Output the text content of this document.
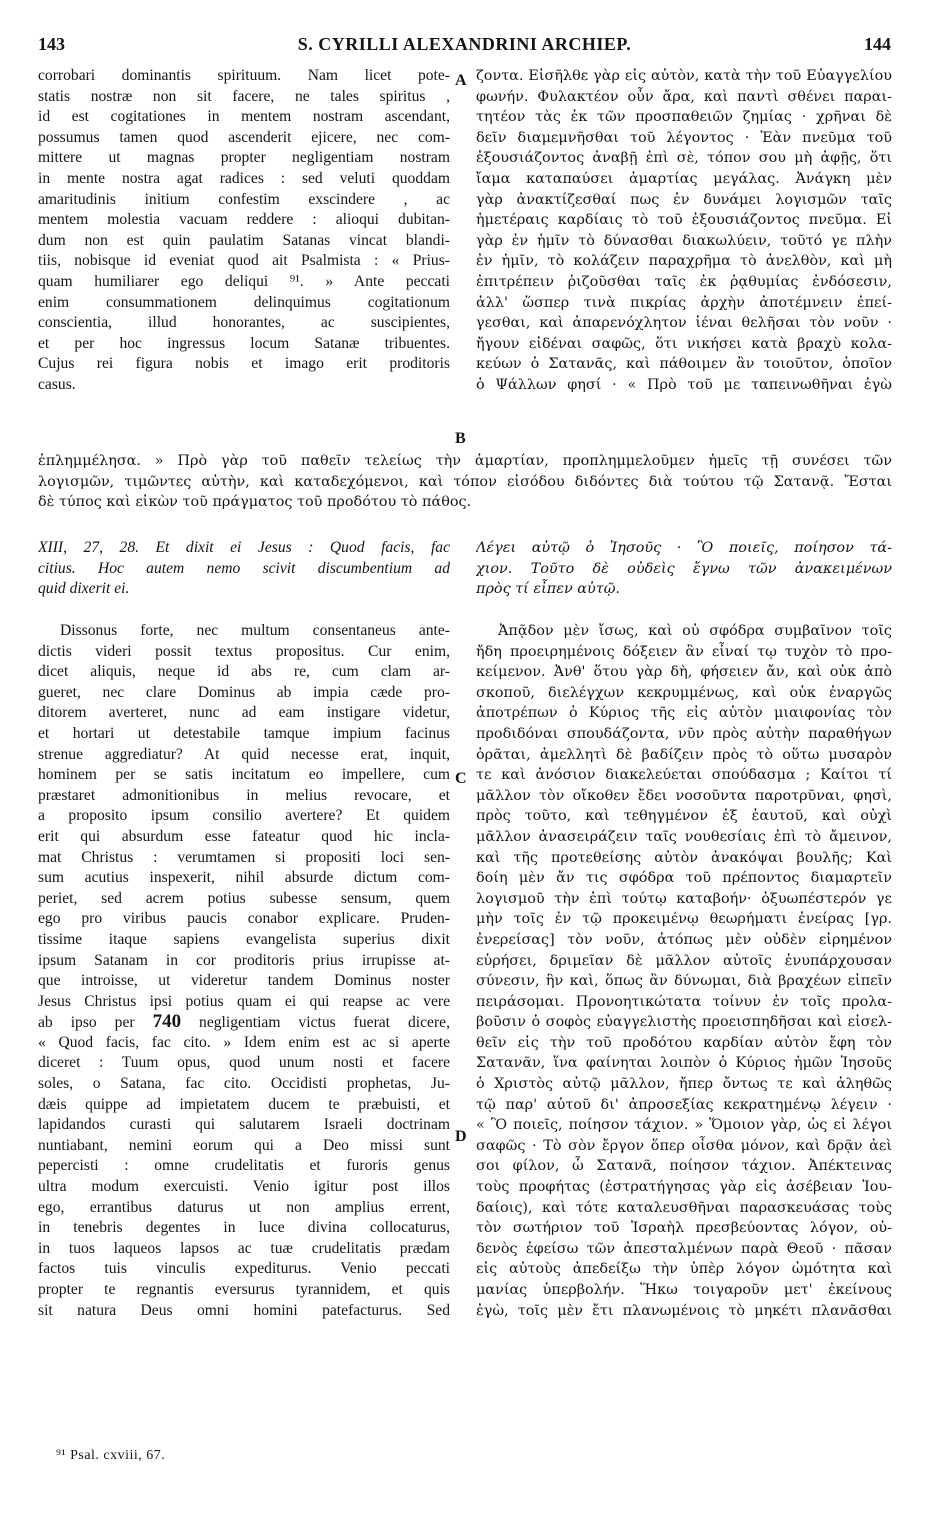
143	S. CYRILLI ALEXANDRINI ARCHIEP.	144
A
B
C
D
corrobari dominantis spirituum. Nam licet pote-
statis nostræ non sit facere, ne tales spiritus ,
id est cogitationes in mentem nostram ascendant,
possumus tamen quod ascenderit ejicere, nec com-
mittere ut magnas propter negligentiam nostram
in mente nostra agat radices : sed veluti quoddam
amaritudinis initium confestim exscindere , ac
mentem molestia vacuam reddere : alioqui dubitan-
dum non est quin paulatim Satanas vincat blandi-
tiis, nobisque id eveniat quod ait Psalmista : « Prius-
quam humiliarer ego deliqui ⁹¹. » Ante peccati
enim consummationem delinquimus cogitationum
conscientia, illud honorantes, ac suscipientes,
et per hoc ingressus locum Satanæ tribuentes.
Cujus rei figura nobis et imago erit proditoris
casus.
ζοντα. Εἰσῆλθε γὰρ εἰς αὐτὸν, κατὰ τὴν τοῦ Εὐαγγελίου
φωνήν. Φυλακτέον οὖν ἄρα, καὶ παντὶ σθένει παραι-
τητέον τὰς ἐκ τῶν προσπαθειῶν ζημίας · χρῆναι δὲ
δεῖν διαμεμνῆσθαι τοῦ λέγοντος · Ἐὰν πνεῦμα τοῦ
ἐξουσιάζοντος ἀναβῇ ἐπὶ σὲ, τόπον σου μὴ ἀφῇς, ὅτι
ἴαμα καταπαύσει ἁμαρτίας μεγάλας. Ἀνάγκη μὲν
γὰρ ἀνακτίζεσθαί πως ἐν δυνάμει λογισμῶν ταῖς
ἡμετέραις καρδίαις τὸ τοῦ ἐξουσιάζοντος πνεῦμα. Εἰ
γὰρ ἐν ἡμῖν τὸ δύνασθαι διακωλύειν, τοῦτό γε πλὴν
ἐν ἡμῖν, τὸ κολάζειν παραχρῆμα τὸ ἀνελθὸν, καὶ μὴ
ἐπιτρέπειν ῥιζοῦσθαι ταῖς ἐκ ῥᾳθυμίας ἐνδόσεσιν,
ἀλλ' ὥσπερ τινὰ πικρίας ἀρχὴν ἀποτέμνειν ἐπεί-
γεσθαι, καὶ ἀπαρενόχλητον ἱέναι θελῆσαι τὸν νοῦν ·
ἤγουν εἰδέναι σαφῶς, ὅτι νικήσει κατὰ βραχὺ κολα-
κεύων ὁ Σατανᾶς, καὶ πάθοιμεν ἂν τοιοῦτον, ὁποῖον
ὁ Ψάλλων φησί · « Πρὸ τοῦ με ταπεινωθῆναι ἐγὼ
ἐπλημμέλησα. » Πρὸ γὰρ τοῦ παθεῖν τελείως τὴν ἁμαρτίαν, προπλημμελοῦμεν ἡμεῖς τῇ συνέσει τῶν
λογισμῶν, τιμῶντες αὐτὴν, καὶ καταδεχόμενοι, καὶ τόπον εἰσόδου διδόντες διὰ τούτου τῷ Σατανᾷ. Ἔσται
δὲ τύπος καὶ εἰκὼν τοῦ πράγματος τοῦ προδότου τὸ πάθος.
XIII, 27, 28. Et dixit ei Jesus : Quod facis, fac
citius. Hoc autem nemo scivit discumbentium ad
quid dixerit ei.
Λέγει αὐτῷ ὁ Ἰησοῦς · Ὃ ποιεῖς, ποίησον τά-
χιον. Τοῦτο δὲ οὐδεὶς ἔγνω τῶν ἀνακειμένων
πρὸς τί εἶπεν αὐτῷ.
Dissonus forte, nec multum consentaneus ante-
dictis videri possit textus propositus. Cur enim,
dicet aliquis, neque id abs re, cum clam ar-
gueret, nec clare Dominus ab impia cæde pro-
ditorem averteret, nunc ad eam instigare videtur,
et hortari ut detestabile tamque impium facinus
strenue aggrediatur? At quid necesse erat, inquit,
hominem per se satis incitatum eo impellere, cum
præstaret admonitionibus in melius revocare, et
a proposito ipsum consilio avertere? Et quidem
erit qui absurdum esse fateatur quod hic incla-
mat Christus : verumtamen si propositi loci sen-
sum acutius inspexerit, nihil absurde dictum com-
periet, sed acrem potius subesse sensum, quem
ego pro viribus paucis conabor explicare. Pruden-
tissime itaque sapiens evangelista superius dixit
ipsum Satanam in cor proditoris prius irrupisse at-
que introisse, ut videretur tandem Dominus noster
Jesus Christus ipsi potius quam ei qui reapse ac vere
ab ipso per 740 negligentiam victus fuerat dicere,
« Quod facis, fac cito. » Idem enim est ac si aperte
diceret : Tuum opus, quod unum nosti et facere
soles, o Satana, fac cito. Occidisti prophetas, Ju-
dæis quippe ad impietatem ducem te præbuisti, et
lapidandos curasti qui salutarem Israeli doctrinam
nuntiabant, nemini eorum qui a Deo missi sunt
pepercisti : omne crudelitatis et furoris genus
ultra modum exercuisti. Venio igitur post illos
ego, errantibus daturus ut non amplius errent,
in tenebris degentes in luce divina collocaturus,
in tuos laqueos lapsos ac tuæ crudelitatis prædam
factos tuis vinculis expediturus. Venio peccati
propter te regnantis eversurus tyrannidem, et quis
sit natura Deus omni homini patefacturus. Sed
Ἀπᾷδον μὲν ἴσως, καὶ οὐ σφόδρα συμβαῖνον τοῖς
ἤδη προειρημένοις δόξειεν ἂν εἶναί τῳ τυχὸν τὸ προ-
κείμενον. Ἀνθ' ὅτου γὰρ δὴ, φήσειεν ἄν, καὶ οὐκ ἀπὸ
σκοποῦ, διελέγχων κεκρυμμένως, καὶ οὐκ ἐναργῶς
ἀποτρέπων ὁ Κύριος τῆς εἰς αὐτὸν μιαιφονίας τὸν
προδιδόναι σπουδάζοντα, νῦν πρὸς αὐτὴν παραθήγων
ὁρᾶται, ἀμελλητὶ δὲ βαδίζειν πρὸς τὸ οὕτω μυσαρὸν
τε καὶ ἀνόσιον διακελεύεται σπούδασμα ; Καίτοι τί
μᾶλλον τὸν οἴκοθεν ἔδει νοσοῦντα παροτρῦναι, φησὶ,
πρὸς τοῦτο, καὶ τεθηγμένον ἐξ ἑαυτοῦ, καὶ οὐχὶ
μᾶλλον ἀνασειράζειν ταῖς νουθεσίαις ἐπὶ τὸ ἄμεινον,
καὶ τῆς προτεθείσης αὐτὸν ἀνακόψαι βουλῆς; Καὶ
δοίη μὲν ἄν τις σφόδρα τοῦ πρέποντος διαμαρτεῖν
λογισμοῦ τὴν ἐπὶ τούτῳ καταβοήν· ὀξυωπέστερόν γε
μὴν τοῖς ἐν τῷ προκειμένῳ θεωρήματι ἐνείρας [γρ.
ἐνερείσας] τὸν νοῦν, ἀτόπως μὲν οὐδὲν εἰρημένον
εὑρήσει, δριμεῖαν δὲ μᾶλλον αὐτοῖς ἐνυπάρχουσαν
σύνεσιν, ἣν καὶ, ὅπως ἂν δύνωμαι, διὰ βραχέων εἰπεῖν
πειράσομαι. Προνοητικώτατα τοίνυν ἐν τοῖς προλα-
βοῦσιν ὁ σοφὸς εὐαγγελιστὴς προεισπηδῆσαι καὶ εἰσελ-
θεῖν εἰς τὴν τοῦ προδότου καρδίαν αὐτὸν ἔφη τὸν
Σατανᾶν, ἵνα φαίνηται λοιπὸν ὁ Κύριος ἡμῶν Ἰησοῦς
ὁ Χριστὸς αὐτῷ μᾶλλον, ἤπερ ὄντως τε καὶ ἀληθῶς
τῷ παρ' αὐτοῦ δι' ἀπροσεξίας κεκρατημένῳ λέγειν ·
« Ὃ ποιεῖς, ποίησον τάχιον. » Ὅμοιον γὰρ, ὡς εἰ λέγοι
σαφῶς · Τὸ σὸν ἔργον ὅπερ οἶσθα μόνον, καὶ δρᾷν ἀεὶ
σοι φίλον, ὦ Σατανᾶ, ποίησον τάχιον. Ἀπέκτεινας
τοὺς προφήτας (ἐστρατήγησας γὰρ εἰς ἀσέβειαν Ἰου-
δαίοις), καὶ τότε καταλευσθῆναι παρασκευάσας τοὺς
τὸν σωτήριον τοῦ Ἰσραὴλ πρεσβεύοντας λόγον, οὐ-
δενὸς ἐφείσω τῶν ἀπεσταλμένων παρὰ Θεοῦ · πᾶσαν
εἰς αὐτοὺς ἀπεδείξω τὴν ὑπὲρ λόγον ὠμότητα καὶ
μανίας ὑπερβολήν. Ἥκω τοιγαροῦν μετ' ἐκείνους
ἐγὼ, τοῖς μὲν ἔτι πλανωμένοις τὸ μηκέτι πλανᾶσθαι
⁹¹ Psal. cxviii, 67.
